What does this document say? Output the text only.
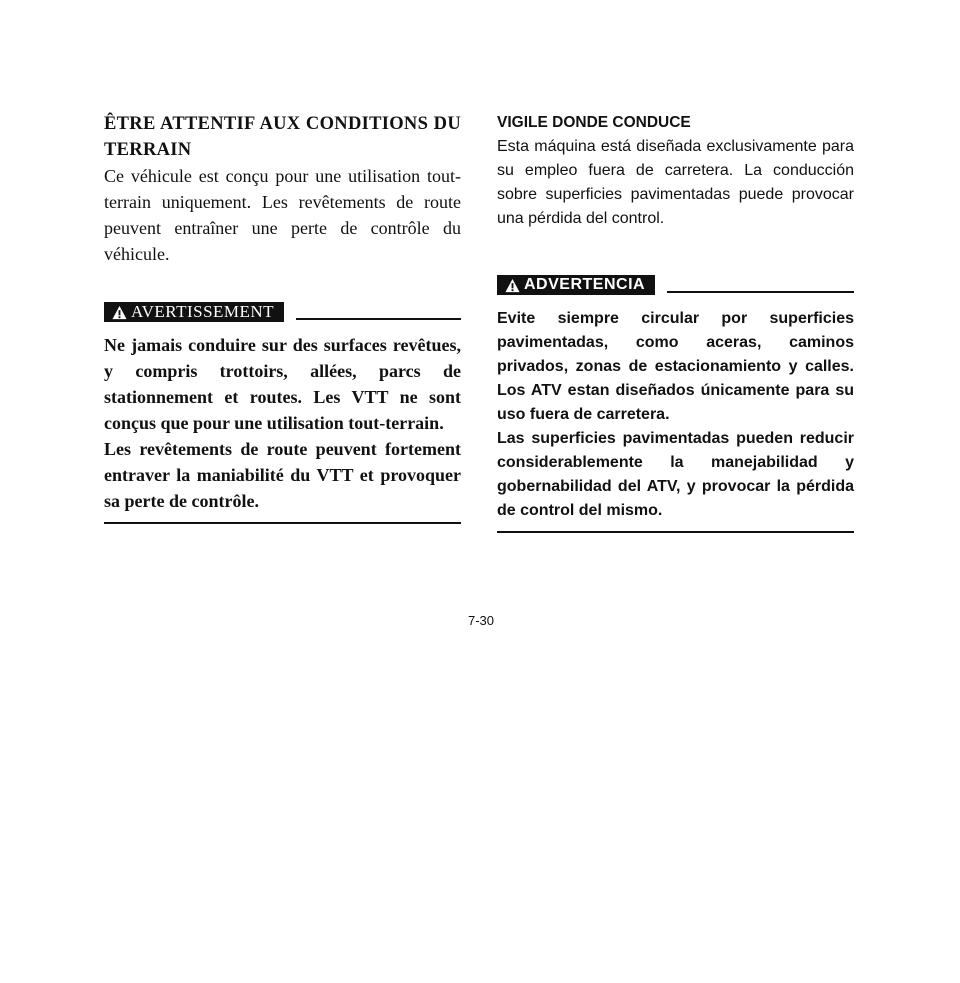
ÊTRE ATTENTIF AUX CONDITIONS DU TERRAIN

Ce véhicule est conçu pour une utilisation tout-terrain uniquement. Les revêtements de route peuvent entraîner une perte de contrôle du véhicule.

AVERTISSEMENT

Ne jamais conduire sur des surfaces revêtues, y compris trottoirs, allées, parcs de stationnement et routes. Les VTT ne sont conçus que pour une utilisation tout-terrain.

Les revêtements de route peuvent fortement entraver la maniabilité du VTT et provoquer sa perte de contrôle.

VIGILE DONDE CONDUCE

Esta máquina está diseñada exclusivamente para su empleo fuera de carretera. La conducción sobre superficies pavimentadas puede provocar una pérdida del control.

ADVERTENCIA

Evite siempre circular por superficies pavimentadas, como aceras, caminos privados, zonas de estacionamiento y calles. Los ATV estan diseñados únicamente para su uso fuera de carretera.

Las superficies pavimentadas pueden reducir considerablemente la manejabilidad y gobernabilidad del ATV, y provocar la pérdida de control del mismo.

7-30
